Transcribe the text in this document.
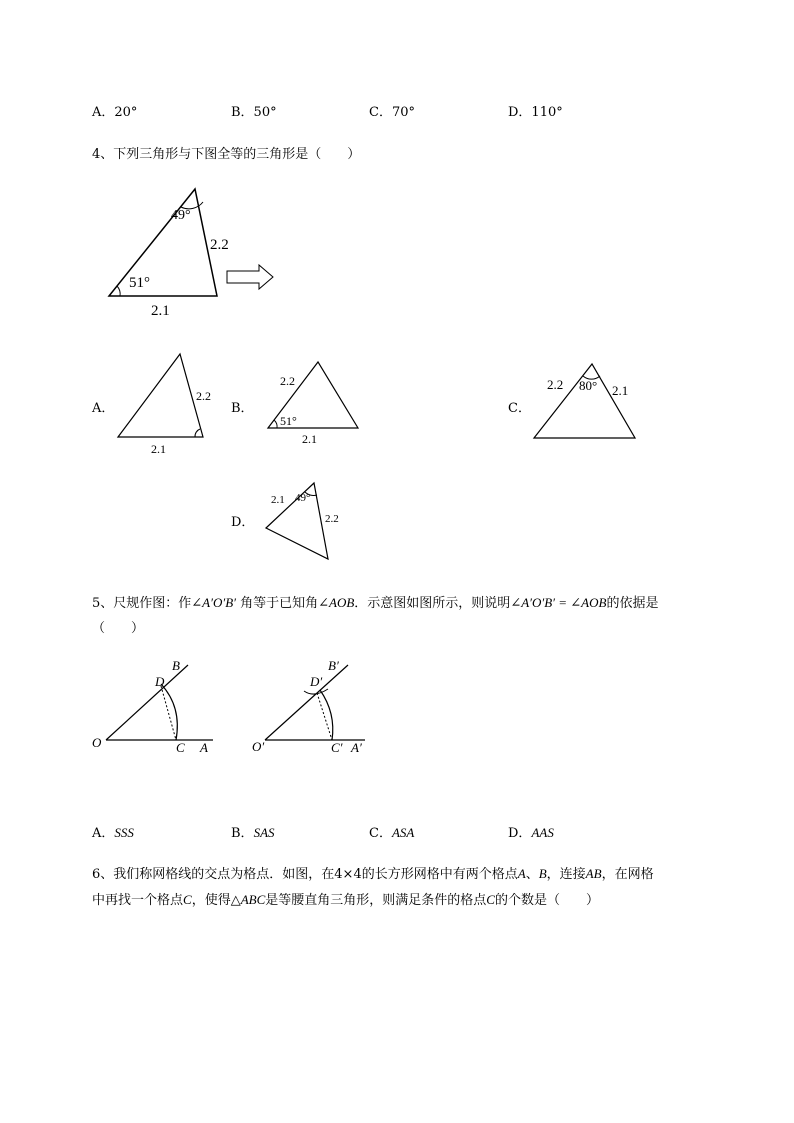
A．20°	B．50°	C．70°	D．110°
4、下列三角形与下图全等的三角形是（　　）
49°
51°
2.2
2.1
A．
2.2
2.1
B．
2.2
51°
2.1
C．
2.2 80° 2.1
D．
2.1 49°
2.2
5、尺规作图：作∠A′O′B′ 角等于已知角∠AOB．示意图如图所示，则说明∠A′O′B′ = ∠AOB的依据是
（　　）
O	C A
D
B
O′	C′ A′
D′
B′
A．SSS	B．SAS	C．ASA	D．AAS
6、我们称网格线的交点为格点．如图，在4×4的长方形网格中有两个格点A、B，连接AB，在网格
中再找一个格点C，使得△ABC是等腰直角三角形，则满足条件的格点C的个数是（　　）
